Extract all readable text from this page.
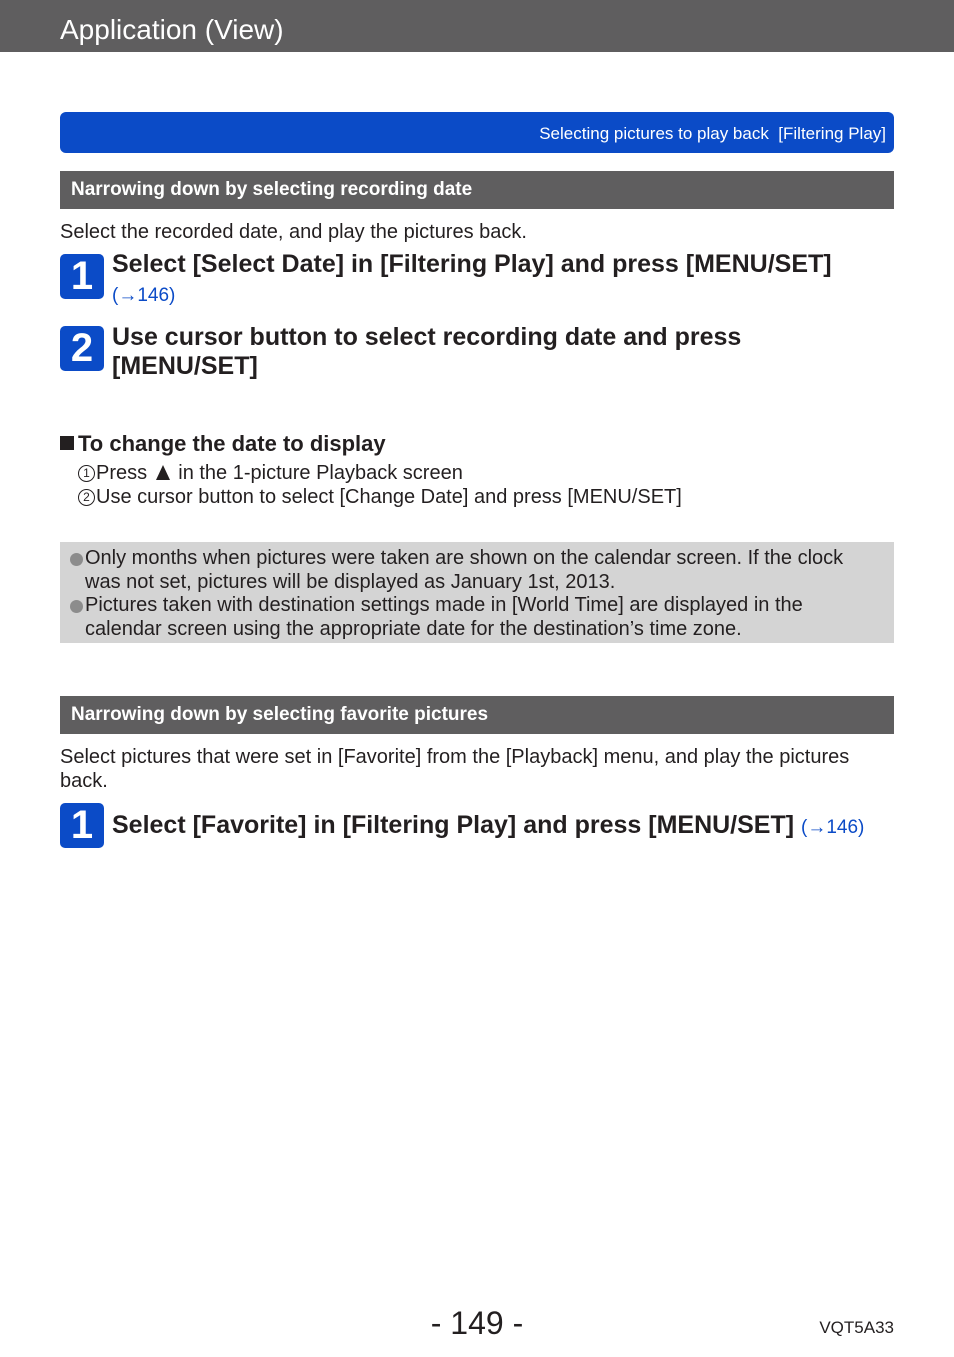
Application (View)
Selecting pictures to play back  [Filtering Play]
Narrowing down by selecting recording date
Select the recorded date, and play the pictures back.
1 Select [Select Date] in [Filtering Play] and press [MENU/SET]
(→146)
2 Use cursor button to select recording date and press
[MENU/SET]
To change the date to display
1 Press  in the 1-picture Playback screen
2 Use cursor button to select [Change Date] and press [MENU/SET]
Only months when pictures were taken are shown on the calendar screen. If the clock
was not set, pictures will be displayed as January 1st, 2013.
Pictures taken with destination settings made in [World Time] are displayed in the
calendar screen using the appropriate date for the destination’s time zone.
Narrowing down by selecting favorite pictures
Select pictures that were set in [Favorite] from the [Playback] menu, and play the pictures
back.
1 Select [Favorite] in [Filtering Play] and press [MENU/SET] (→146)
- 149 -	VQT5A33
